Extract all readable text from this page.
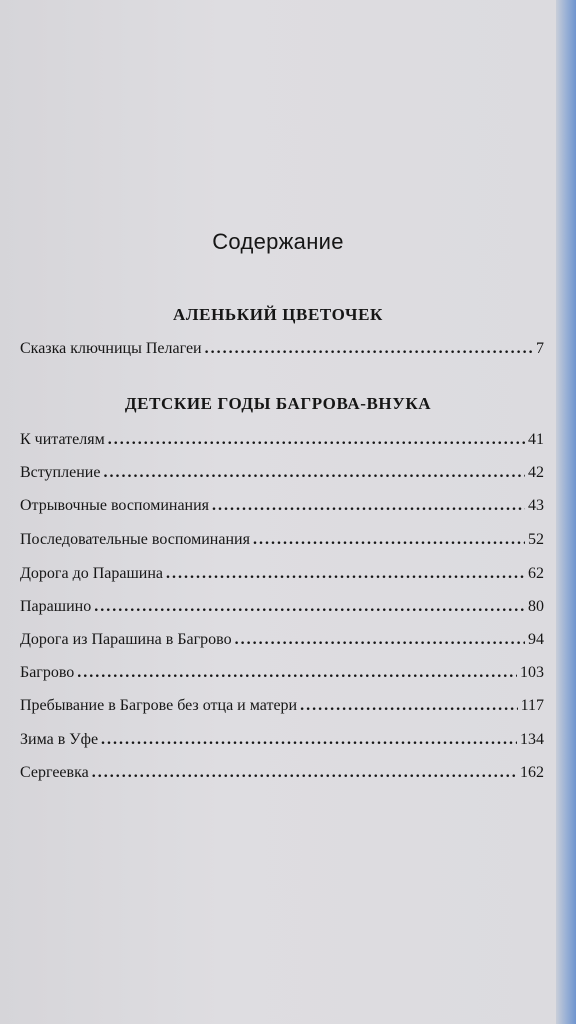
Содержание
АЛЕНЬКИЙ ЦВЕТОЧЕК
Сказка ключницы Пелагеи . . .	7
ДЕТСКИЕ ГОДЫ БАГРОВА-ВНУКА
К читателям . . .	41
Вступление . . .	42
Отрывочные воспоминания . . .	43
Последовательные воспоминания . . .	52
Дорога до Парашина . . .	62
Парашино . . .	80
Дорога из Парашина в Багрово . . .	94
Багрово . . .	103
Пребывание в Багрове без отца и матери . . .	117
Зима в Уфе . . .	134
Сергеевка . . .	162
